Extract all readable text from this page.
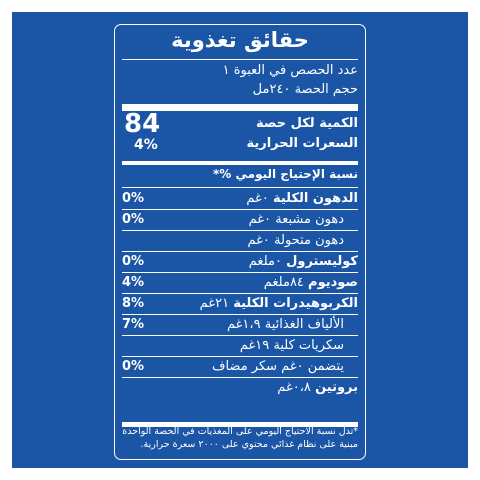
حقائق تغذوية
عدد الحصص في العبوة ١
حجم الحصة ٢٤٠مل
الكمية لكل حصة
السعرات الحرارية
84
4%
نسبة الإحتياج اليومي %*
الدهون الكلية ٠غم
0%
دهون مشبعة ٠غم
0%
دهون متحولة ٠غم
كوليسترول ٠ملغم
0%
صوديوم ٨٤ملغم
4%
الكربوهيدرات الكلية ٢١غم
8%
الألياف الغذائية ١،٩غم
7%
سكريات كلية ١٩غم
يتضمن ٠غم سكر مضاف
0%
بروتين ٠،٨غم
*تدل نسبة الاحتياج اليومي على المغذيات في الحصة الواحدة مبنية على نظام غذائي محتوي على ٢٠٠٠ سعرة حرارية.
